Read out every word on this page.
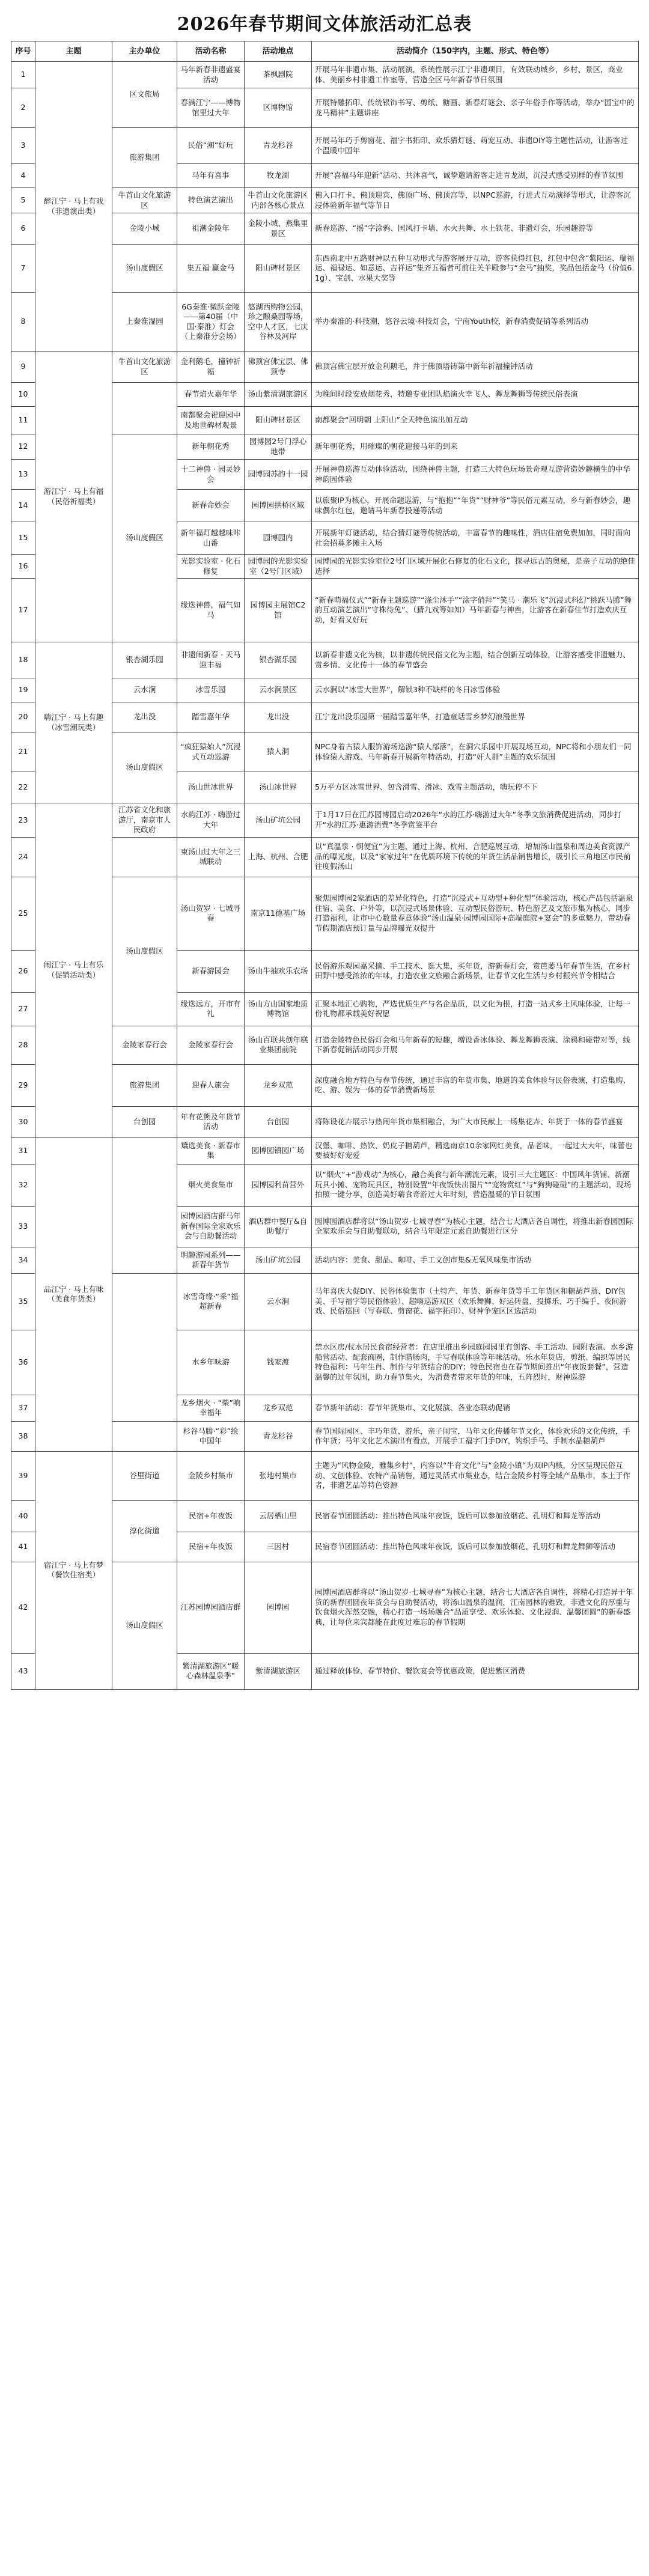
2026年春节期间文体旅活动汇总表
序号	主题	主办单位	活动名称	活动地点	活动简介（150字内，主题、形式、特色等）
1	醉江宁 · 马上有戏（非遗演出类）	区文旅局	马年新春非遗盛宴活动	茶枫剧院	开展马年非遗市集、活动展演，系统性展示江宁非遗项目，有效联动城乡，乡村、景区，商业体、美丽乡村非遗工作室等，营造全区马年新春节日氛围
2			春满江宁——博物馆里过大年	区博物馆	开展特雕拓印、传统银饰书写、剪纸、糖画、新春灯谜会、亲子年俗手作等活动，举办“国宝中的龙马精神”主题讲座
3		旅游集团	民俗“潮”好玩	青龙杉谷	开展马年巧手剪窗花、福字书拓印、欢乐猜灯谜、萌宠互动、非遗DIY等主题性活动，让游客过个温暖中国年
4			马年有喜事	牧龙湖	开展“喜福马年迎新”活动、共沐喜气，诚挚邀请游客走进青龙湖，沉浸式感受别样的春节氛围
5		牛首山文化旅游区	特色演艺演出	牛首山文化旅游区内部各核心景点	佛入口打卡、佛顶迎宾、佛顶广场、佛顶宫等，以NPC巡游，行进式互动演绎等形式，让游客沉浸体验新年福气等节日
6		金陵小城	祖潮金陵年	金陵小城、燕集里景区	新春巡游、“摇”字涂鸦、国风打卡墙、水火共舞、水上铁花、非遗灯会，乐园趣游等
7		汤山度假区	集五福 赢金马	阳山碑材景区	东西南北中五路财神以五种互动形式与游客展开互动，游客获得红包，红包中包含“紫阳运、瑞福运、福禄运、如意运、吉祥运”集齐五福者可前往关羊殿参与“金马”抽奖，奖品包括金马（价值6.1g）、宝剑、水果大奖等
8		上秦淮湿园	6G秦淮·微跃金陵——第40届（中国·秦淮）灯会（上秦淮分会场）	悠湖西购物公园，珍之酿桑园等场，空中人才区，七庆谷林及河岸	举办秦淮的·科技潮，悠谷云境·科技灯会，宁南Youth校，新春消费促销等系列活动
9	游江宁 · 马上有福（民俗祈福类）	牛首山文化旅游区	金利鹅毛，撞钟祈福	佛顶宫佛宝层、佛顶寺	佛顶宫佛宝层开放金利鹅毛，并于佛顶塔铸第中新年祈福撞钟活动
10			春节焰火嘉年华	汤山紫清湖旅游区	为晚间时段安放烟花秀，特邀专业团队焰演火幸飞人、舞龙舞狮等传统民俗表演
11			南都聚会祝迎园中及地世碑材观景	阳山碑材景区	南都聚会“回明朝 上阳山”全天特色演出加互动
12		汤山度假区	新年朝花秀	园博园2号门浮心地带	新年朝花秀，用璀璨的朝花迎接马年的到来
13			十二神兽 · 园灵妙会	园博园苏韵十一园	开展神兽巡游互动体验活动，围绕神兽主题，打造三大特色玩场景奇观互游营造妙趣横生的中华神韵园体验
14			新春命妙会	园博园拱桥区域	以旅聚IP为核心，开展命题巡游，与“抱抱”“年货”“财神爷”等民俗元素互动，乡与新春妙会，趣味偶尔红包，邀请马年新春投递等活动
15			新年福灯越越味咔山番	园博园内	开展新年灯谜活动，结合猜灯谜等传统活动，丰富春节的趣味性，酒店住宿免费加加，同时面向社会招募多摊主入场
16			光影实验室 · 化石修复	园博园的光影实验室（2号门区域）	园博园的光影实验室位2号门区域开展化石修复的化石文化，探寻远古的奥秘，是亲子互动的绝佳选择
17			缘迭神兽，福气如马	园博园主展馆C2馆	“新春萌福仪式”“新春主题巡游”“涤尘沐手”“涂字俏拜”“笑马 · 潮乐飞”沉浸式科幻“挑跃马腾”舞韵互动演艺演出“守株待兔”、（猜九戏等如知）马年新春与神兽，让游客在新春佳节打造欢庆互动，好看又好玩
18	嗨江宁 · 马上有趣（冰雪潮玩类）	银杏湖乐园	非遗闹新春 · 天马迎丰福	银杏湖乐园	以新春非遗文化为核，以非遗传统民俗文化为主题，结合创新互动体验，让游客感受非遗魅力、赏乡情、文化传十一体的春节盛会
19		云水涧	冰雪乐园	云水涧景区	云水涧以“冰雪大世界”，解锁3种不缺样的冬日冰雪体验
20		龙出没	踏雪嘉年华	龙出没	江宁龙出没乐园第一届踏雪嘉年华，打造童话雪乡梦幻浪漫世界
21		汤山度假区	“疯狂猿始人”沉浸式互动巡游	猿人洞	NPC身着古猿人服饰游场巡游“猿人部落”，在洞穴乐园中开展现场互动，NPC将和小朋友们一同体验猿人游戏、马年新春开展新年特活动，打造“奸人群”主题的欢乐氛围
22			汤山世冰世界	汤山冰世界	5万平方区冰雪世界、包含滑雪、滑冰、戏雪主题活动，嗨玩停不下
23	闹江宁 · 马上有乐（促销活动类）	江苏省文化和旅游厅，南京市人民政府	水韵江苏 · 嗨游过大年	汤山矿坑公园	于1月17日在江苏园博园启动2026年“水韵江苏·嗨游过大年”冬季文旅消费促进活动，同步打开“水韵江苏·惠游消费”冬季赏鉴平台
24			束汤山过大年之三城联动	上海、杭州、合肥	以“真温泉 · 朝便宜”为主题，通过上海、杭州、合肥巡展互动，增加汤山温泉和周边美食资源产品的曝光度，以及“家家过年”在优质环境下传统的年货生活品销售增长，吸引长三角地区市民前往度假汤山
25		汤山度假区	汤山贺岁 · 七城寻春	南京11德基广场	聚焦园博园2家酒店的差异化特色，打造“沉浸式+互动型+种化型”体验活动，核心产品包括温泉住宿、美食、户外等，以沉浸式场景体验、互动型民俗游玩、特色游艺及文旅市集为核心，同步打造福利，让市中心数量春意体验“汤山温泉·园博园国际+高端庭院+宴会”的多重魅力，带动春节假期酒店预订量与品牌曝光双提升
26			新春游园会	汤山牛抽欢乐农场	民俗游乐观园嘉采摘、手工技术、逛大集，买年货，游新春灯会，赏芭萎马年春节生活，在乡村田野中感受浓浓的年味，打造农业文旅融合新场景，让春节文化生活与乡村振兴节令相结合
27			缘迭远方，开市有礼	汤山方山国家地质博物馆	汇聚本地汇心购物，严选优质生产与名企品质，以文化为根，打造一站式乡土风味体验，让每一份礼物都承载美好祝愿
28		金陵家春行会	金陵家春行会	汤山百联共创年糕业集团前院	打造金陵特色民俗灯会和马年新春的短趣，增设香冰体验、舞龙舞狮表演、涂鸦和碰带对等，线下新春促销活动同步开展
29		旅游集团	迎春人旅会	龙乡双范	深度融合地方特色与春节传统，通过丰富的年货市集、地道的美食体验与民俗表演，打造集购、吃、游、娱为一体的春节消费新场景
30		台创园	年有花熊及年货节活动	台创园	将陈设花卉展示与热闹年货市集相融合，为广大市民献上一场集花卉、年货于一体的春节盛宴
31	品江宁 · 马上有味（美食年货类）		矯选美食 · 新春市集	园博园镇园广场	汉堡、咖啡、热饮、奶皮子糖葫芦，精选南京10余家网红美食，品老味，一起过大大年，味蕾也要被好好宠爱
32			烟火美食集市	园博园利苗营外	以“烟火”+“游戏动”为核心，融合美食与新年潮流元素，设引三大主题区：中国风年货铺、新潮玩具小摊、宠物玩具区，特别设置“年夜饭快出图片”“宠物赏红”与“狗狗碰碰”的主题活动，现场拍照一键分享，创造美好嗨食奇游过大年时刻，营造温暖的节日氛围
33			园博园酒店群马年新春国际全家欢乐会与自助餐活动	酒店群中餐厅&自助餐厅	园博园酒店群将以“汤山贺岁·七城寻春”为核心主题，结合七大酒店各自调性，将推出新春园国际全家欢乐会与自助餐联动，结合马年限定元素自助餐进行区分
34			明趣游园系列——新春年货节	汤山矿坑公园	活动内容：美食、甜品、咖啡、手工文创市集&无氧风味集市活动
35			冰雪奇缘·“采”福超新春	云水涧	马年喜庆大促DIY、民俗体验集市（土特产、年货、新春年货等手工年货区和糖葫芦蒸、DIY包美、手写福字等民俗体验）、超嗨巡游双区（欢乐舞狮、好运转盘、投掷乐、巧手编手、夜间游戏、民俗巡回（写春联、剪窗花、福字拓印）、财神争宠区区选活动
36			水乡年味游	钱家渡	禁水区房/杖水居民食宿经营者：在店里推出乡园庭园园里有创客、手工活动、园附表演、水乡游船营活动、配套商圈，制作腊肠肉，手写春联体验等年味活动。乐水年货店，剪纸、编织等居民特色福利：马年生肖、制作与年货结合的DIY；特色民宿也在春节期间推出“年夜饭套餐”，营造温馨的过年氛围，助力春节集火，为消费者带来年货的年味，五阵烈时，财神巡游
37			龙乡烟火 · “柴”响幸福年	龙乡双范	春节新年活动：春节年货集市、文化展演、各业态联动促销
38			杉谷马腾·“彩”绘中国年	青龙杉谷	春节国际园区、丰巧年货、游乐，亲子闹宝，马年文化传播年节文化，体验欢乐的文化传统，手作年货；马年文化艺术演出有看点，开展手工福字门手DIY，钩织手马、手制水晶糖葫芦
39	宿江宁 · 马上有梦（餐饮住宿类）	谷里街道	金陵乡村集市	张地村集市	主题为“风物金陵，雅集乡村”，内容以“牛育文化”与“金陵小镇”为双IP内核，分区呈现民俗互动、文创体验、农特产品销售，通过灵活式市集业态，结合金陵乡村等全域产品集市，本土于作者，非遗艺品等特色资源
40		淳化街道	民宿+年夜饭	云居栖山里	民宿春节团圆活动：推出特色风味年夜饭，饭后可以参加放烟花、孔明灯和舞龙等活动
41			民宿+年夜饭	三因村	民宿春节团圆活动：推出特色风味年夜饭，饭后可以参加放烟花、孔明灯和舞龙舞狮等活动
42		汤山度假区	江苏园博园酒店群	园博园	园博园酒店群将以“汤山贺岁·七城寻春”为核心主题，结合七大酒店各自调性，将精心打造异于年货的新春团圆夜年货会与自助餐活动，将汤山温泉的温润，江南园林的雅致，非遗文化的厚重与饮食烟火浑然交融，精心打造一场场融合“品质享受、欢乐体验、文化浸润、温馨团圆”的新春盛典，让每位来宾都能在此度过难忘的春节假期
43			紫清湖旅游区“暖心森林温泉季”	紫清湖旅游区	通过释放体验、春节特价、餐饮宴会等优惠政策，促进紫区消费
